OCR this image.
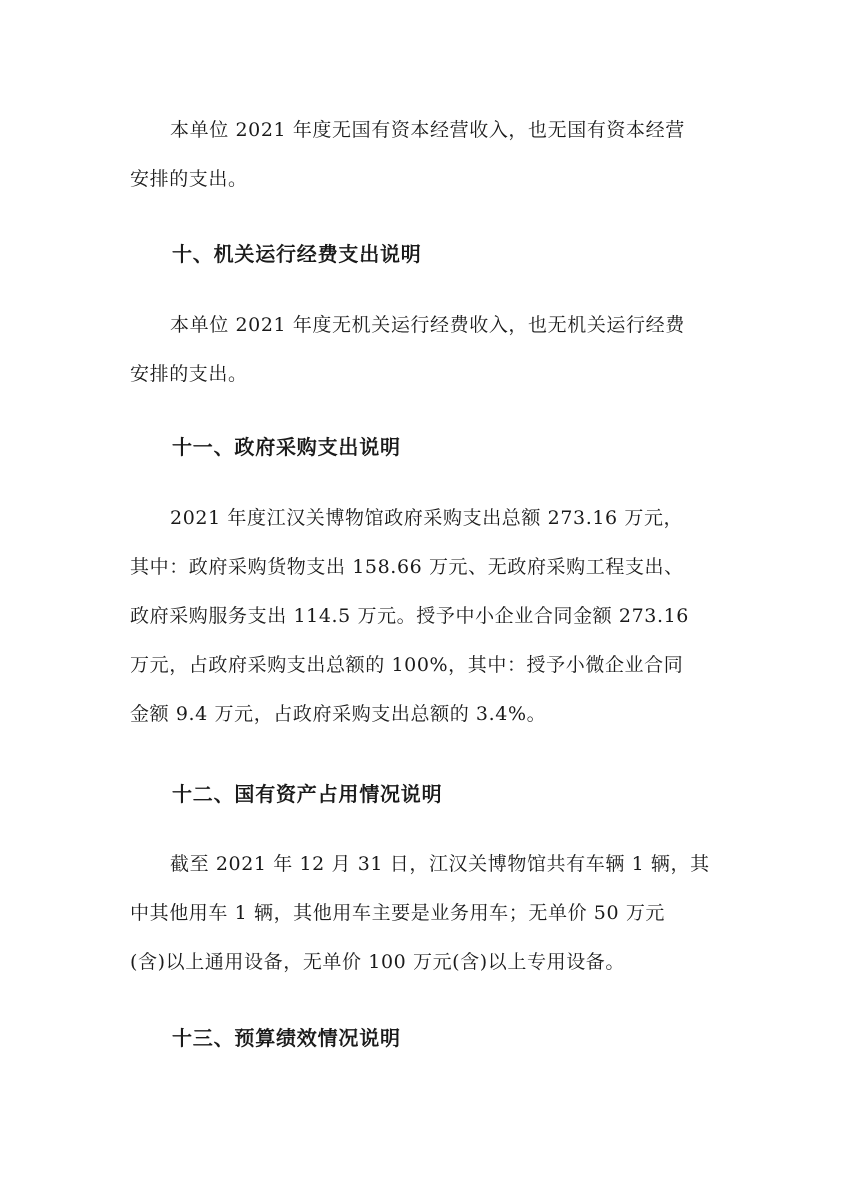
本单位 2021 年度无国有资本经营收入，也无国有资本经营
安排的支出。
十、机关运行经费支出说明
本单位 2021 年度无机关运行经费收入，也无机关运行经费
安排的支出。
十一、政府采购支出说明
2021 年度江汉关博物馆政府采购支出总额 273.16 万元，
其中：政府采购货物支出 158.66 万元、无政府采购工程支出、
政府采购服务支出 114.5 万元。授予中小企业合同金额 273.16
万元，占政府采购支出总额的 100%，其中：授予小微企业合同
金额 9.4 万元，占政府采购支出总额的 3.4%。
十二、国有资产占用情况说明
截至 2021 年 12 月 31 日，江汉关博物馆共有车辆 1 辆，其
中其他用车 1 辆，其他用车主要是业务用车；无单价 50 万元
(含)以上通用设备，无单价 100 万元(含)以上专用设备。
十三、预算绩效情况说明
